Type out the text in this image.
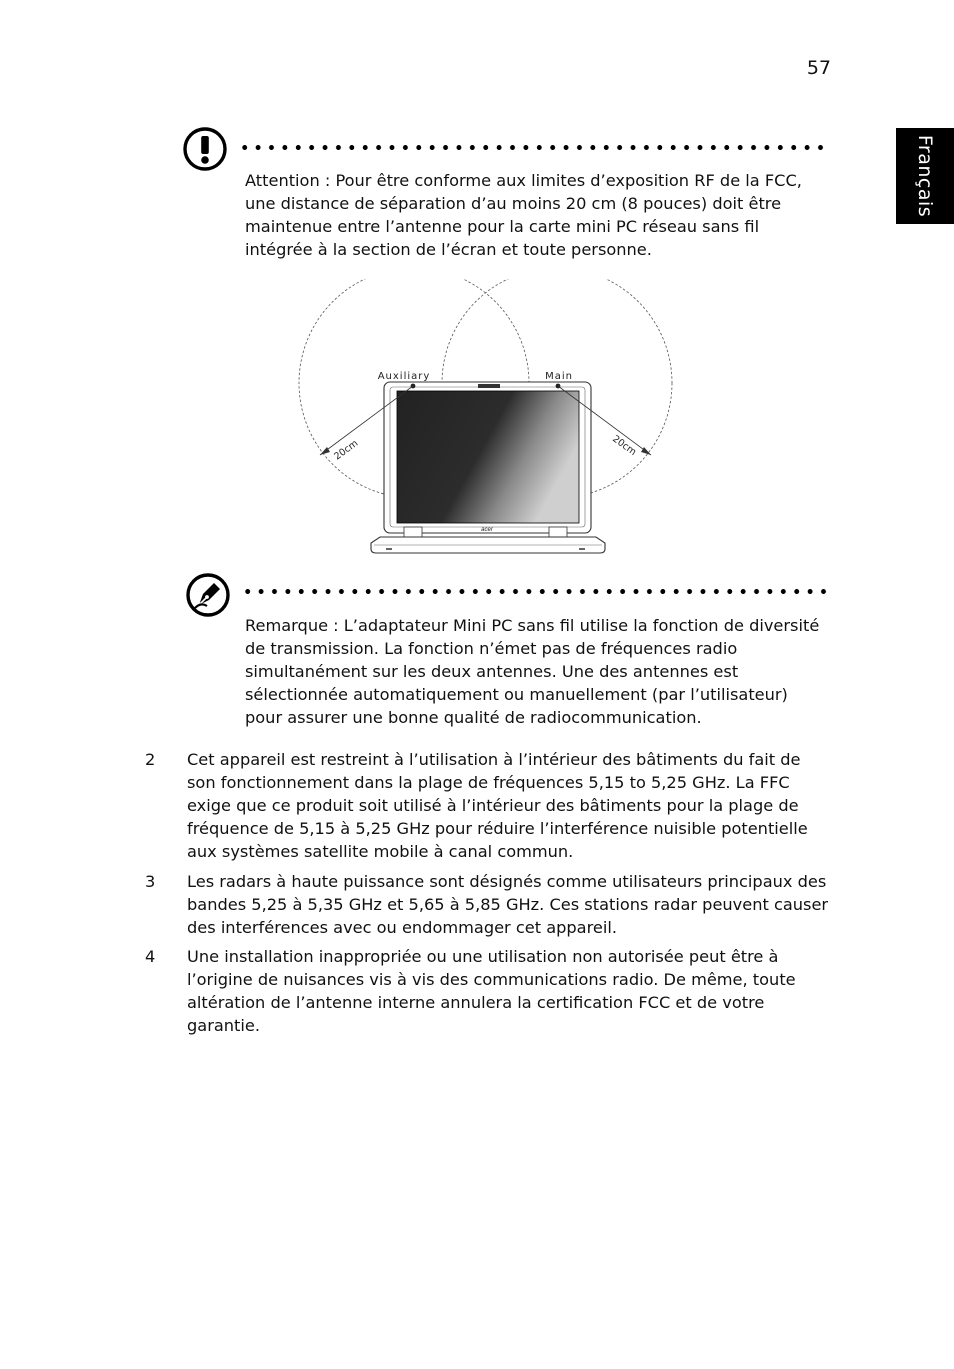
57
Français

Attention : Pour être conforme aux limites d’exposition RF de la FCC, une distance de séparation d’au moins 20 cm (8 pouces) doit être maintenue entre l’antenne pour la carte mini PC réseau sans fil intégrée à la section de l’écran et toute personne.

acer
Auxiliary	Main
20cm	20cm

Remarque : L’adaptateur Mini PC sans fil utilise la fonction de diversité de transmission. La fonction n’émet pas de fréquences radio simultanément sur les deux antennes. Une des antennes est sélectionnée automatiquement ou manuellement (par l’utilisateur) pour assurer une bonne qualité de radiocommunication.

2	Cet appareil est restreint à l’utilisation à l’intérieur des bâtiments du fait de son fonctionnement dans la plage de fréquences 5,15 to 5,25 GHz. La FFC exige que ce produit soit utilisé à l’intérieur des bâtiments pour la plage de fréquence de 5,15 à 5,25 GHz pour réduire l’interférence nuisible potentielle aux systèmes satellite mobile à canal commun.

3	Les radars à haute puissance sont désignés comme utilisateurs principaux des bandes 5,25 à 5,35 GHz et 5,65 à 5,85 GHz. Ces stations radar peuvent causer des interférences avec ou endommager cet appareil.

4	Une installation inappropriée ou une utilisation non autorisée peut être à l’origine de nuisances vis à vis des communications radio. De même, toute altération de l’antenne interne annulera la certification FCC et de votre garantie.
